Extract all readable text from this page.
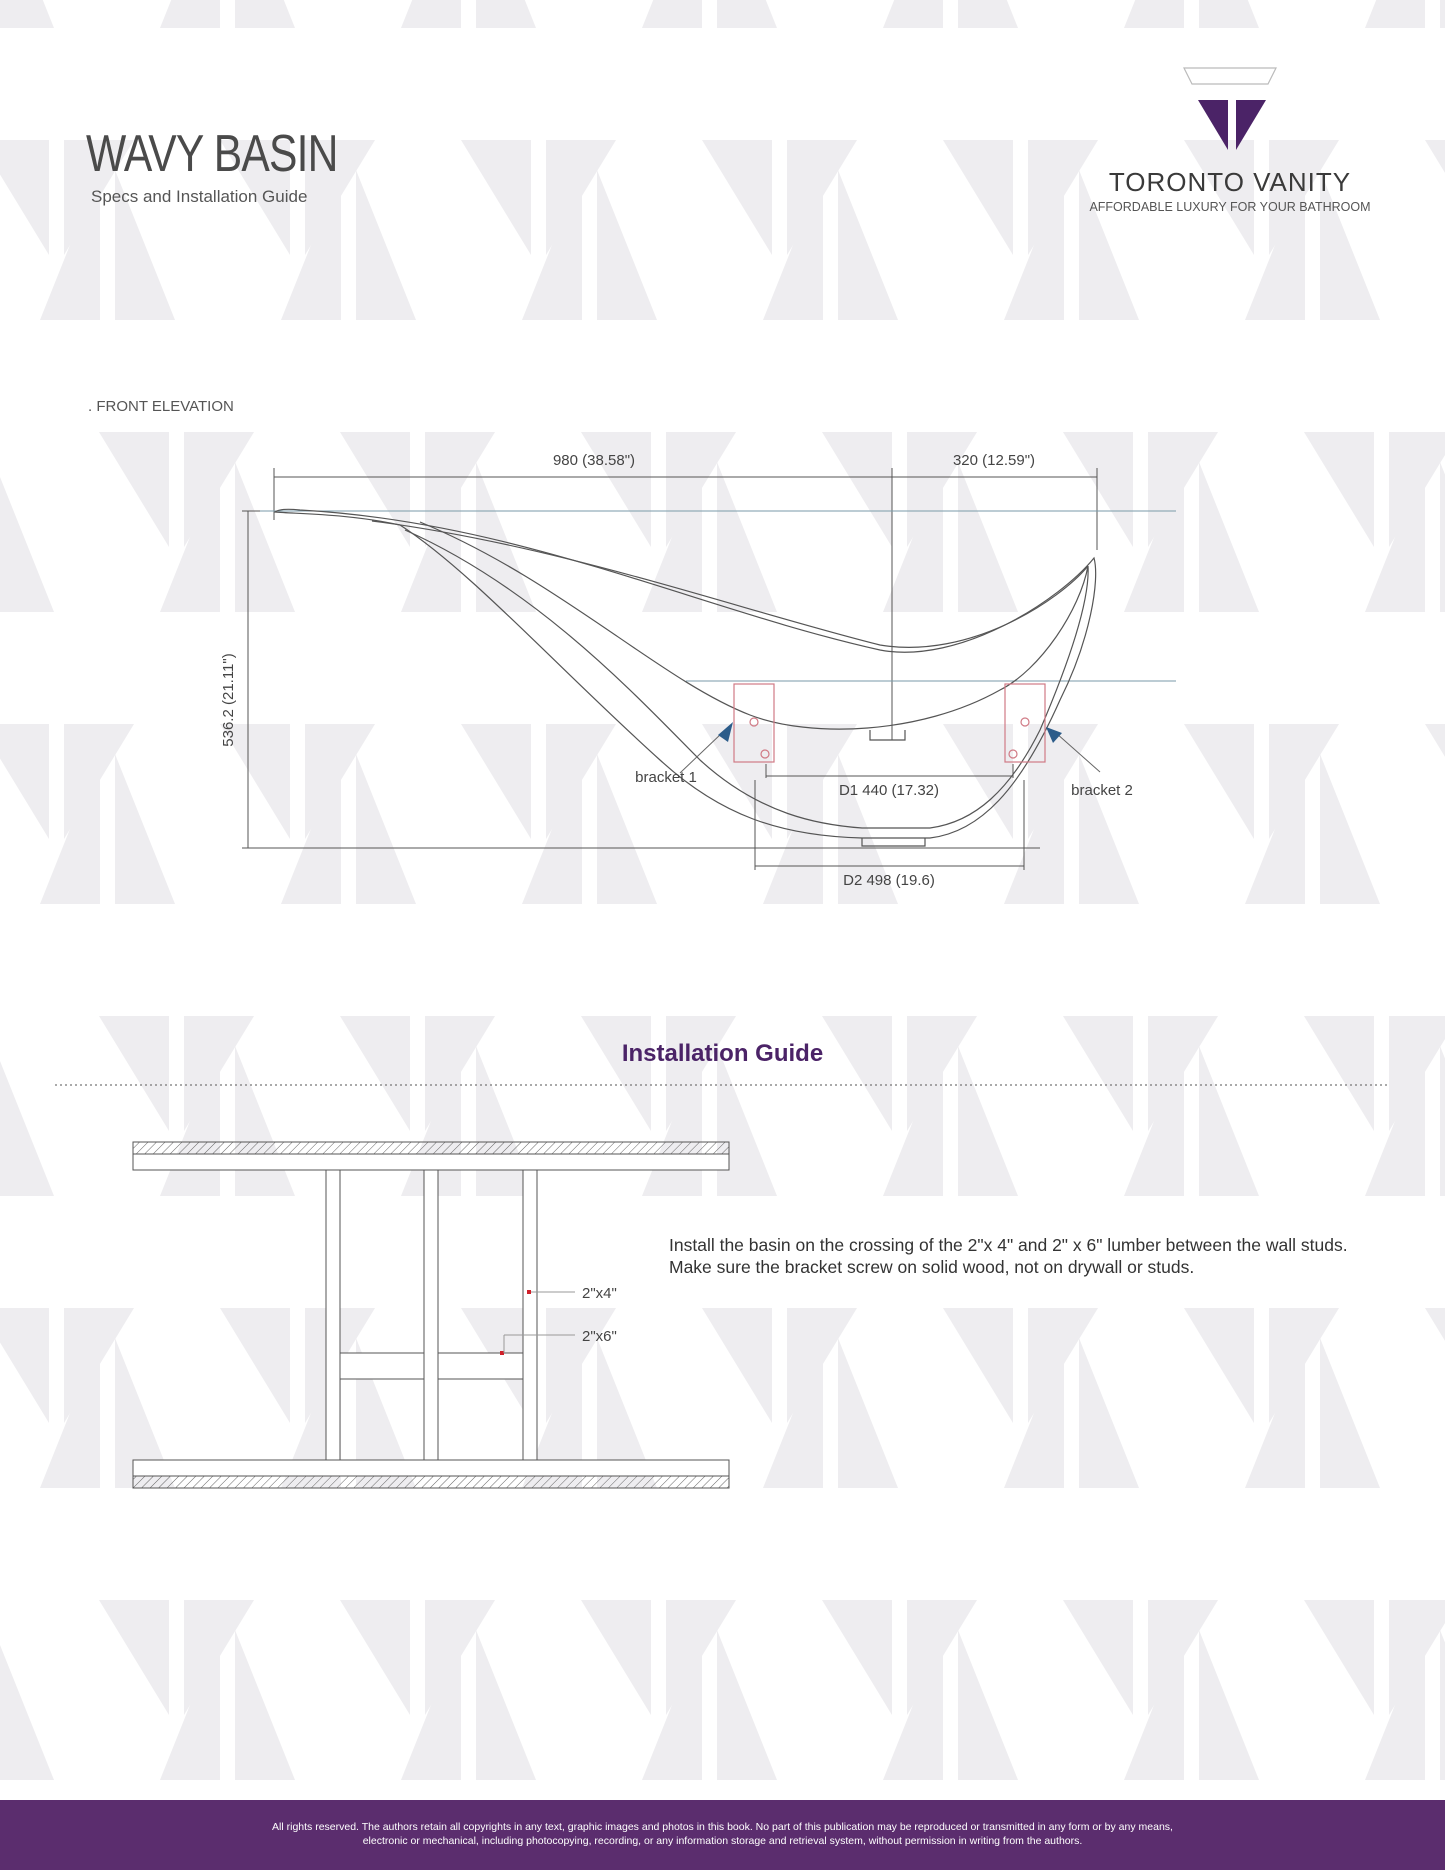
WAVY BASIN
Specs and Installation Guide	TORONTO VANITY
AFFORDABLE LUXURY FOR YOUR BATHROOM
. FRONT ELEVATION
980 (38.58")	320 (12.59")
536.2 (21.11")
bracket 1
bracket 2
D1 440 (17.32)
D2 498 (19.6)
2"x4"
2"x6"
Installation Guide
Install the basin on the crossing of the 2"x 4" and 2" x 6" lumber between the wall studs.
Make sure the bracket screw on solid wood, not on drywall or studs.
All rights reserved. The authors retain all copyrights in any text, graphic images and photos in this book. No part of this publication may be reproduced or transmitted in any form or by any means,
electronic or mechanical, including photocopying, recording, or any information storage and retrieval system, without permission in writing from the authors.
